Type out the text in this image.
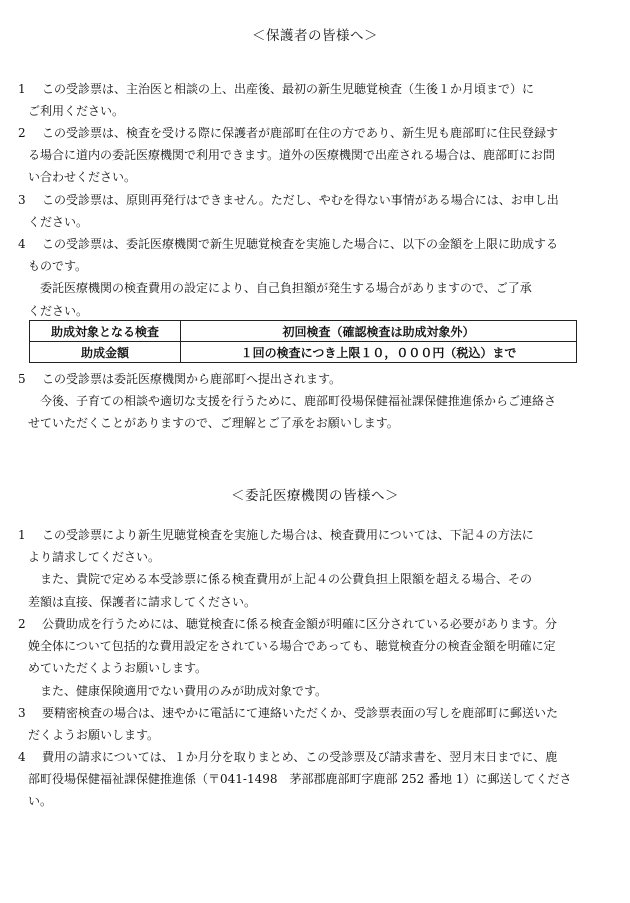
＜保護者の皆様へ＞
1 この受診票は、主治医と相談の上、出産後、最初の新生児聴覚検査（生後１か月頃まで）に
ご利用ください。
2 この受診票は、検査を受ける際に保護者が鹿部町在住の方であり、新生児も鹿部町に住民登録す
る場合に道内の委託医療機関で利用できます。道外の医療機関で出産される場合は、鹿部町にお問
い合わせください。
3 この受診票は、原則再発行はできません。ただし、やむを得ない事情がある場合には、お申し出
ください。
4 この受診票は、委託医療機関で新生児聴覚検査を実施した場合に、以下の金額を上限に助成する
ものです。
委託医療機関の検査費用の設定により、自己負担額が発生する場合がありますので、ご了承
ください。
助成対象となる検査	初回検査（確認検査は助成対象外）
助成金額	１回の検査につき上限１０，０００円（税込）まで
5 この受診票は委託医療機関から鹿部町へ提出されます。
今後、子育ての相談や適切な支援を行うために、鹿部町役場保健福祉課保健推進係からご連絡さ
せていただくことがありますので、ご理解とご了承をお願いします。
＜委託医療機関の皆様へ＞
1 この受診票により新生児聴覚検査を実施した場合は、検査費用については、下記４の方法に
より請求してください。
また、貴院で定める本受診票に係る検査費用が上記４の公費負担上限額を超える場合、その
差額は直接、保護者に請求してください。
2 公費助成を行うためには、聴覚検査に係る検査金額が明確に区分されている必要があります。分
娩全体について包括的な費用設定をされている場合であっても、聴覚検査分の検査金額を明確に定
めていただくようお願いします。
また、健康保険適用でない費用のみが助成対象です。
3 要精密検査の場合は、速やかに電話にて連絡いただくか、受診票表面の写しを鹿部町に郵送いた
だくようお願いします。
4 費用の請求については、１か月分を取りまとめ、この受診票及び請求書を、翌月末日までに、鹿
部町役場保健福祉課保健推進係（〒041-1498　茅部郡鹿部町字鹿部 252 番地 1）に郵送してくださ
い。
